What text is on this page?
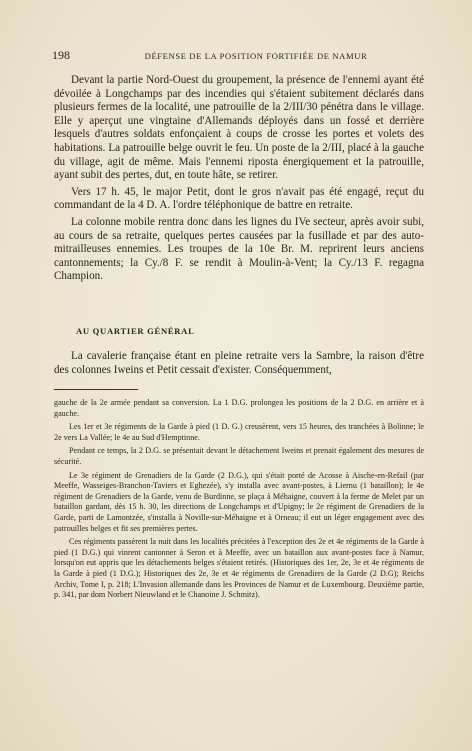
198	DÉFENSE DE LA POSITION FORTIFIÉE DE NAMUR

Devant la partie Nord-Ouest du groupement, la présence de l'ennemi ayant été dévoilée à Longchamps par des incendies qui s'étaient subitement déclarés dans plusieurs fermes de la localité, une patrouille de la 2/III/30 pénétra dans le village. Elle y aperçut une vingtaine d'Allemands déployés dans un fossé et derrière lesquels d'autres soldats enfonçaient à coups de crosse les portes et volets des habitations. La patrouille belge ouvrit le feu. Un poste de la 2/III, placé à la gauche du village, agit de même. Mais l'ennemi riposta énergiquement et la patrouille, ayant subit des pertes, dut, en toute hâte, se retirer.

Vers 17 h. 45, le major Petit, dont le gros n'avait pas été engagé, reçut du commandant de la 4 D. A. l'ordre téléphonique de battre en retraite.

La colonne mobile rentra donc dans les lignes du IVe secteur, après avoir subi, au cours de sa retraite, quelques pertes causées par la fusillade et par des auto-mitrailleuses ennemies. Les troupes de la 10e Br. M. reprirent leurs anciens cantonnements; la Cy./8 F. se rendit à Moulin-à-Vent; la Cy./13 F. regagna Champion.

AU QUARTIER GÉNÉRAL

La cavalerie française étant en pleine retraite vers la Sambre, la raison d'être des colonnes Iweins et Petit cessait d'exister. Conséquemment,

gauche de la 2e armée pendant sa conversion. La 1 D.G. prolongea les positions de la 2 D.G. en arrière et à gauche.

Les 1er et 3e régiments de la Garde à pied (1 D. G.) creusèrent, vers 15 heures, des tranchées à Bolinne; le 2e vers La Vallée; le 4e au Sud d'Hemptinne.

Pendant ce temps, la 2 D.G. se présentait devant le détachement Iweins et prenait également des mesures de sécurité.

Le 3e régiment de Grenadiers de la Garde (2 D.G.), qui s'était porté de Acosse à Aische-en-Refail (par Meeffe, Wasseiges-Branchon-Taviers et Eghezée), s'y installa avec avant-postes, à Liernu (1 bataillon); le 4e régiment de Grenadiers de la Garde, venu de Burdinne, se plaça à Méhaigne, couvert à la ferme de Melet par un bataillon gardant, dès 15 h. 30, les directions de Longchamps et d'Upigny; le 2e régiment de Grenadiers de la Garde, parti de Lamontzée, s'installa à Noville-sur-Méhaigne et à Orneau; il eut un léger engagement avec des patrouilles belges et fit ses premières pertes.

Ces régiments passèrent la nuit dans les localités précitées à l'exception des 2e et 4e régiments de la Garde à pied (1 D.G.) qui vinrent cantonner à Seron et à Meeffe, avec un bataillon aux avant-postes face à Namur, lorsqu'on eut appris que les détachements belges s'étaient retirés. (Historiques des 1er, 2e, 3e et 4e régiments de la Garde à pied (1 D.G.); Historiques des 2e, 3e et 4e régiments de Grenadiers de la Garde (2 D.G); Reichs Archiv, Tome I, p. 218; L'Invasion allemande dans les Provinces de Namur et de Luxembourg. Deuxième partie, p. 341, par dom Norbert Nieuwland et le Chanoine J. Schmitz).
